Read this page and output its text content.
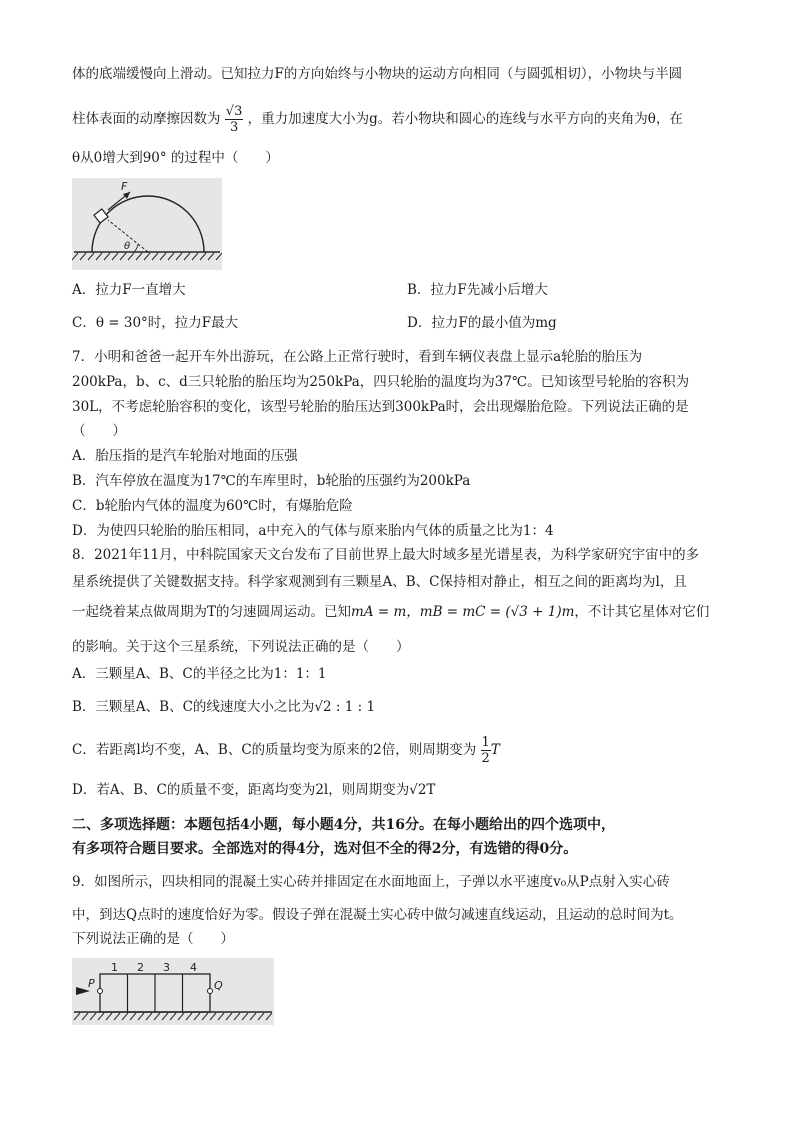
体的底端缓慢向上滑动。已知拉力F的方向始终与小物块的运动方向相同（与圆弧相切），小物块与半圆
柱体表面的动摩擦因数为 $\frac{√3}{3}$ ，重力加速度大小为g。若小物块和圆心的连线与水平方向的夹角为θ，在
θ从0增大到90° 的过程中（　　）
F
θ
A．拉力F一直增大	B．拉力F先减小后增大
C．θ = 30°时，拉力F最大	D．拉力F的最小值为mg
7．小明和爸爸一起开车外出游玩，在公路上正常行驶时，看到车辆仪表盘上显示a轮胎的胎压为
200kPa，b、c、d三只轮胎的胎压均为250kPa，四只轮胎的温度均为37℃。已知该型号轮胎的容积为
30L，不考虑轮胎容积的变化，该型号轮胎的胎压达到300kPa时，会出现爆胎危险。下列说法正确的是
（　　）
A．胎压指的是汽车轮胎对地面的压强
B．汽车停放在温度为17℃的车库里时，b轮胎的压强约为200kPa
C．b轮胎内气体的温度为60℃时，有爆胎危险
D．为使四只轮胎的胎压相同，a中充入的气体与原来胎内气体的质量之比为1：4
8．2021年11月，中科院国家天文台发布了目前世界上最大时域多星光谱星表，为科学家研究宇宙中的多
星系统提供了关键数据支持。科学家观测到有三颗星A、B、C保持相对静止，相互之间的距离均为l，且
一起绕着某点做周期为T的匀速圆周运动。已知mA = m，mB = mC = (√3 + 1)m，不计其它星体对它们
的影响。关于这个三星系统，下列说法正确的是（　　）
A．三颗星A、B、C的半径之比为1：1：1
B．三颗星A、B、C的线速度大小之比为√2 : 1 : 1
C．若距离l均不变，A、B、C的质量均变为原来的2倍，则周期变为 $\frac{1}{2}$ T
D．若A、B、C的质量不变，距离均变为2l，则周期变为√2T
二、多项选择题：本题包括4小题，每小题4分，共16分。在每小题给出的四个选项中，
有多项符合题目要求。全部选对的得4分，选对但不全的得2分，有选错的得0分。
9．如图所示，四块相同的混凝土实心砖并排固定在水面地面上，子弹以水平速度v₀从P点射入实心砖
中，到达Q点时的速度恰好为零。假设子弹在混凝土实心砖中做匀减速直线运动，且运动的总时间为t。
下列说法正确的是（　　）
1 2 3 4
P	Q
